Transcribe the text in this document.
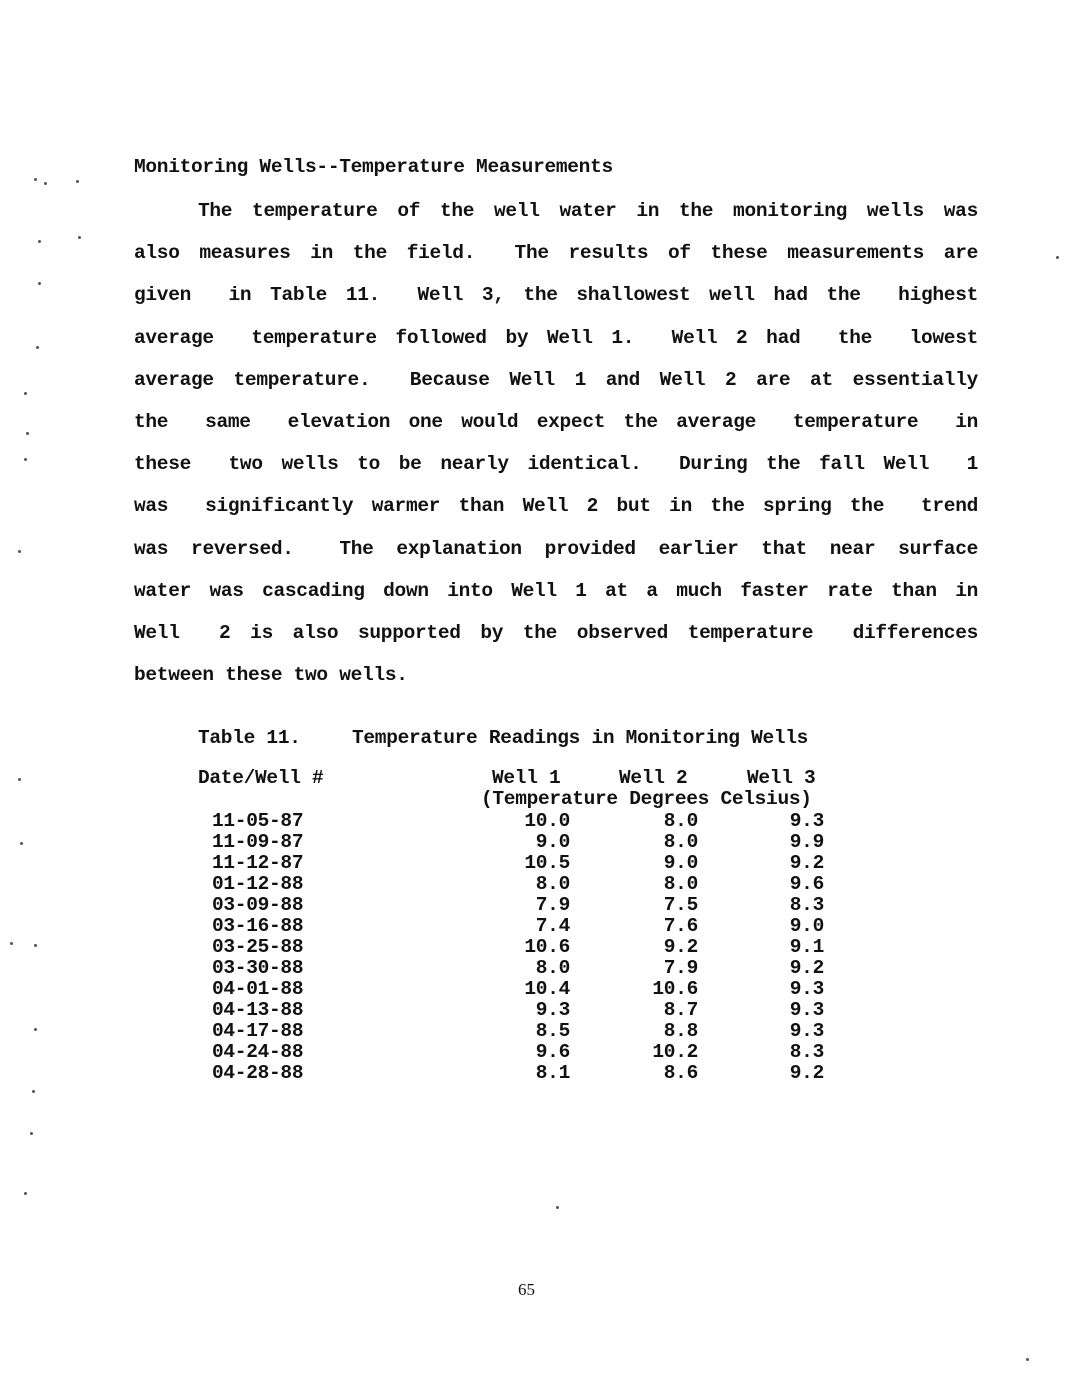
Monitoring Wells--Temperature Measurements
The temperature of the well water in the monitoring wells was
also measures in the field.  The results of these measurements are
given  in Table 11.  Well 3, the shallowest well had the  highest
average  temperature followed by Well 1.  Well 2 had  the  lowest
average temperature.  Because Well 1 and Well 2 are at essentially
the  same  elevation one would expect the average  temperature  in
these  two wells to be nearly identical.  During the fall Well  1
was  significantly warmer than Well 2 but in the spring the  trend
was reversed.  The explanation provided earlier that near surface
water was cascading down into Well 1 at a much faster rate than in
Well  2 is also supported by the observed temperature  differences
between these two wells.
Table 11.	Temperature Readings in Monitoring Wells
Date/Well #	Well 1	Well 2	Well 3
(Temperature Degrees Celsius)
11-05-87	10.0	8.0	9.3
11-09-87	9.0	8.0	9.9
11-12-87	10.5	9.0	9.2
01-12-88	8.0	8.0	9.6
03-09-88	7.9	7.5	8.3
03-16-88	7.4	7.6	9.0
03-25-88	10.6	9.2	9.1
03-30-88	8.0	7.9	9.2
04-01-88	10.4	10.6	9.3
04-13-88	9.3	8.7	9.3
04-17-88	8.5	8.8	9.3
04-24-88	9.6	10.2	8.3
04-28-88	8.1	8.6	9.2
65
